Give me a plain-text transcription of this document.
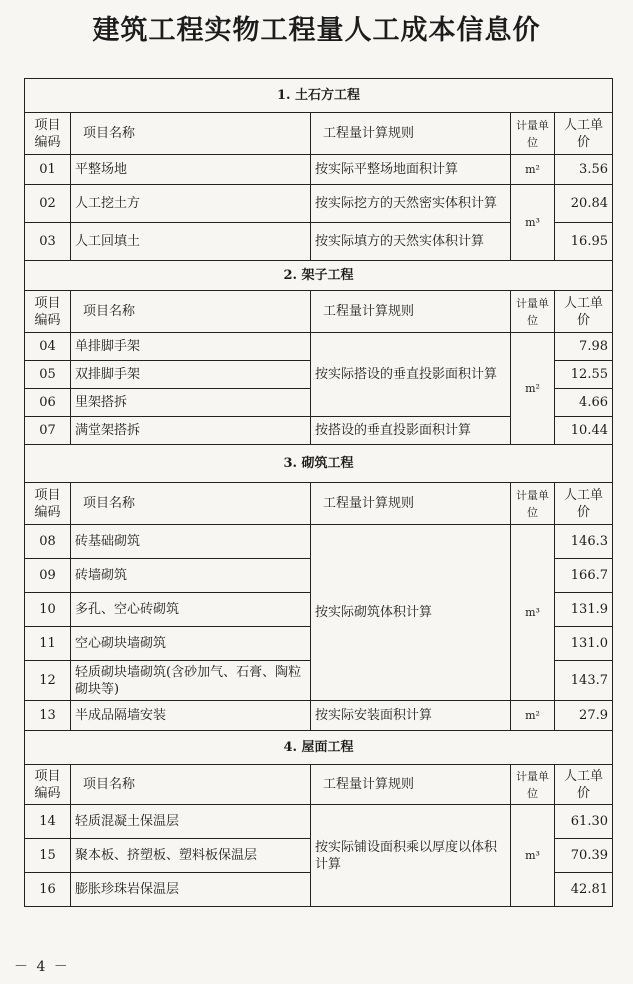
建筑工程实物工程量人工成本信息价
1. 土石方工程				
项目编码	项目名称	工程量计算规则	计量单位	人工单价
01	平整场地	按实际平整场地面积计算	m²	3.56
02	人工挖土方	按实际挖方的天然密实体积计算	m³	20.84
03	人工回填土	按实际填方的天然实体积计算		16.95
2. 架子工程				
项目编码	项目名称	工程量计算规则	计量单位	人工单价
04	单排脚手架	按实际搭设的垂直投影面积计算	m²	7.98
05	双排脚手架			12.55
06	里架搭拆			4.66
07	满堂架搭拆	按搭设的垂直投影面积计算		10.44
3. 砌筑工程				
项目编码	项目名称	工程量计算规则	计量单位	人工单价
08	砖基础砌筑	按实际砌筑体积计算	m³	146.3
09	砖墙砌筑			166.7
10	多孔、空心砖砌筑			131.9
11	空心砌块墙砌筑			131.0
12	轻质砌块墙砌筑(含砂加气、石膏、陶粒砌块等)			143.7
13	半成品隔墙安装	按实际安装面积计算	m²	27.9
4. 屋面工程				
项目编码	项目名称	工程量计算规则	计量单位	人工单价
14	轻质混凝土保温层	按实际铺设面积乘以厚度以体积计算	m³	61.30
15	聚本板、挤塑板、塑料板保温层			70.39
16	膨胀珍珠岩保温层			42.81
－ 4 －
